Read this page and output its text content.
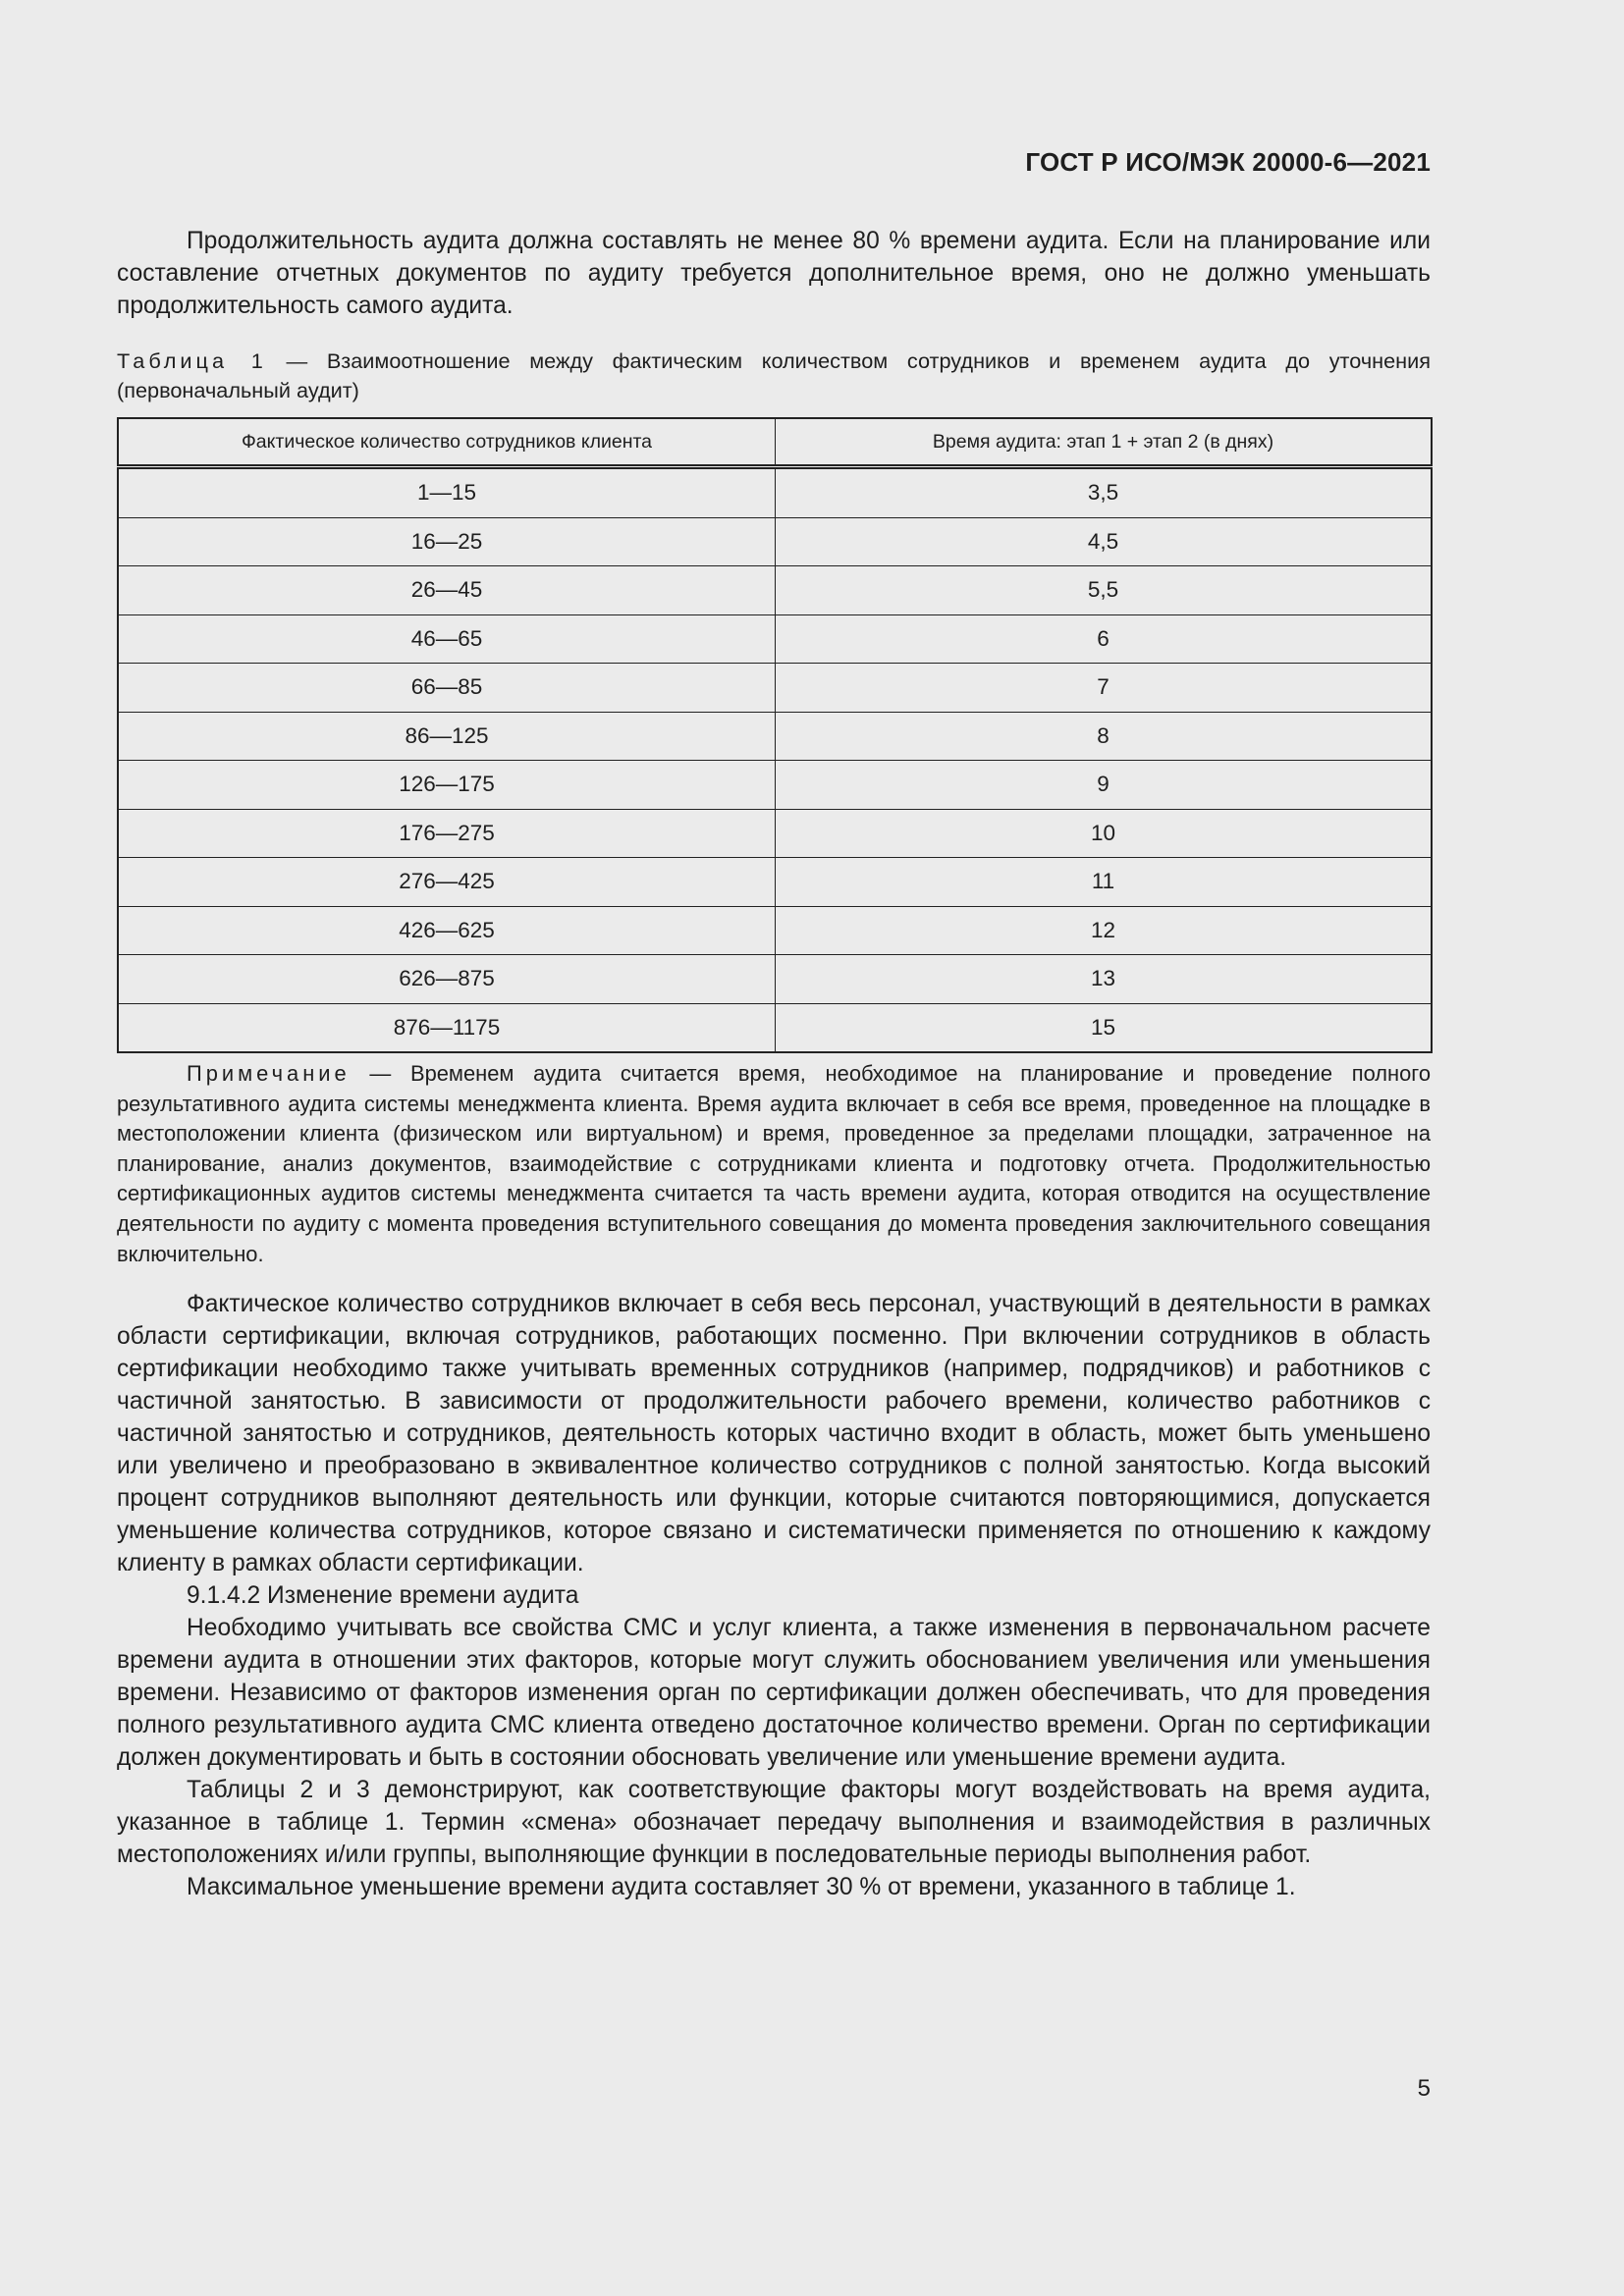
ГОСТ Р ИСО/МЭК 20000-6—2021

Продолжительность аудита должна составлять не менее 80 % времени аудита. Если на планирование или составление отчетных документов по аудиту требуется дополнительное время, оно не должно уменьшать продолжительность самого аудита.

Таблица 1 — Взаимоотношение между фактическим количеством сотрудников и временем аудита до уточнения (первоначальный аудит)

Фактическое количество сотрудников клиента	Время аудита: этап 1 + этап 2 (в днях)
1—15	3,5
16—25	4,5
26—45	5,5
46—65	6
66—85	7
86—125	8
126—175	9
176—275	10
276—425	11
426—625	12
626—875	13
876—1175	15

Примечание — Временем аудита считается время, необходимое на планирование и проведение полного результативного аудита системы менеджмента клиента. Время аудита включает в себя все время, проведенное на площадке в местоположении клиента (физическом или виртуальном) и время, проведенное за пределами площадки, затраченное на планирование, анализ документов, взаимодействие с сотрудниками клиента и подготовку отчета. Продолжительностью сертификационных аудитов системы менеджмента считается та часть времени аудита, которая отводится на осуществление деятельности по аудиту с момента проведения вступительного совещания до момента проведения заключительного совещания включительно.

Фактическое количество сотрудников включает в себя весь персонал, участвующий в деятельности в рамках области сертификации, включая сотрудников, работающих посменно. При включении сотрудников в область сертификации необходимо также учитывать временных сотрудников (например, подрядчиков) и работников с частичной занятостью. В зависимости от продолжительности рабочего времени, количество работников с частичной занятостью и сотрудников, деятельность которых частично входит в область, может быть уменьшено или увеличено и преобразовано в эквивалентное количество сотрудников с полной занятостью. Когда высокий процент сотрудников выполняют деятельность или функции, которые считаются повторяющимися, допускается уменьшение количества сотрудников, которое связано и систематически применяется по отношению к каждому клиенту в рамках области сертификации.

9.1.4.2 Изменение времени аудита

Необходимо учитывать все свойства СМС и услуг клиента, а также изменения в первоначальном расчете времени аудита в отношении этих факторов, которые могут служить обоснованием увеличения или уменьшения времени. Независимо от факторов изменения орган по сертификации должен обеспечивать, что для проведения полного результативного аудита СМС клиента отведено достаточное количество времени. Орган по сертификации должен документировать и быть в состоянии обосновать увеличение или уменьшение времени аудита.

Таблицы 2 и 3 демонстрируют, как соответствующие факторы могут воздействовать на время аудита, указанное в таблице 1. Термин «смена» обозначает передачу выполнения и взаимодействия в различных местоположениях и/или группы, выполняющие функции в последовательные периоды выполнения работ.

Максимальное уменьшение времени аудита составляет 30 % от времени, указанного в таблице 1.

5
